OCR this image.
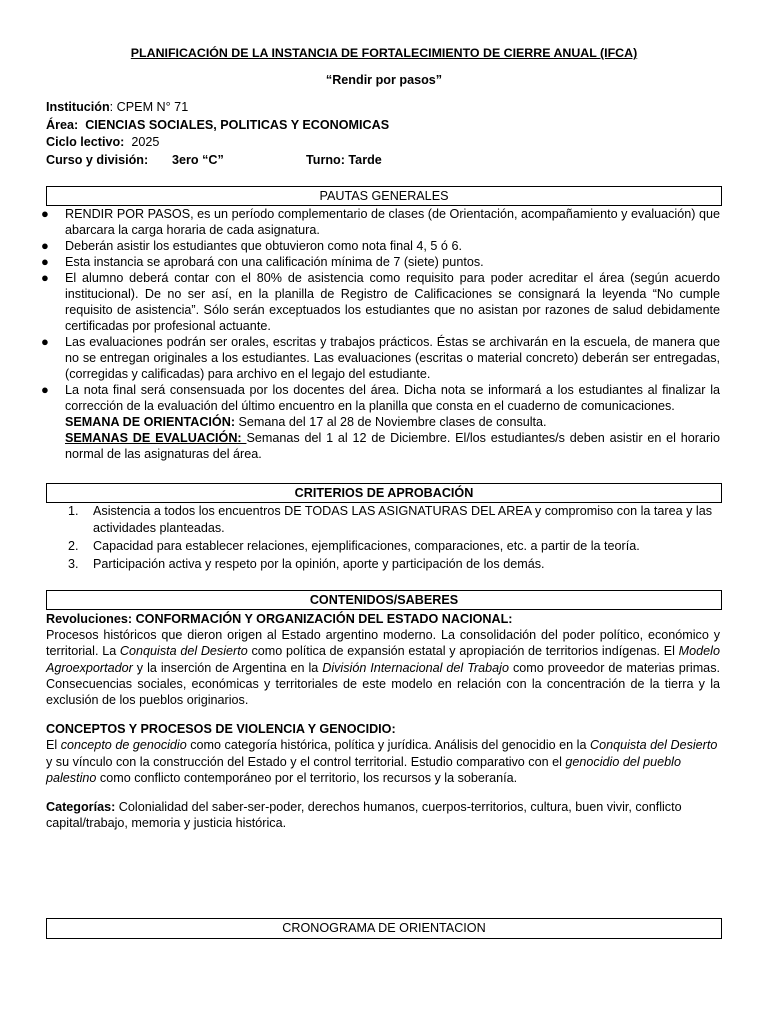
PLANIFICACIÓN DE LA INSTANCIA DE FORTALECIMIENTO DE CIERRE ANUAL (IFCA)
“Rendir por pasos”
Institución: CPEM N° 71
Área: CIENCIAS SOCIALES, POLITICAS Y ECONOMICAS
Ciclo lectivo: 2025
Curso y división: 3ero “C”	Turno: Tarde
PAUTAS GENERALES
● RENDIR POR PASOS, es un período complementario de clases (de Orientación, acompañamiento y evaluación) que abarcara la carga horaria de cada asignatura.
● Deberán asistir los estudiantes que obtuvieron como nota final 4, 5 ó 6.
● Esta instancia se aprobará con una calificación mínima de 7 (siete) puntos.
● El alumno deberá contar con el 80% de asistencia como requisito para poder acreditar el área (según acuerdo institucional). De no ser así, en la planilla de Registro de Calificaciones se consignará la leyenda “No cumple requisito de asistencia”. Sólo serán exceptuados los estudiantes que no asistan por razones de salud debidamente certificadas por profesional actuante.
● Las evaluaciones podrán ser orales, escritas y trabajos prácticos. Éstas se archivarán en la escuela, de manera que no se entregan originales a los estudiantes. Las evaluaciones (escritas o material concreto) deberán ser entregadas, (corregidas y calificadas) para archivo en el legajo del estudiante.
● La nota final será consensuada por los docentes del área. Dicha nota se informará a los estudiantes al finalizar la corrección de la evaluación del último encuentro en la planilla que consta en el cuaderno de comunicaciones.
SEMANA DE ORIENTACIÓN: Semana del 17 al 28 de Noviembre clases de consulta.
SEMANAS DE EVALUACIÓN: Semanas del 1 al 12 de Diciembre. El/los estudiantes/s deben asistir en el horario normal de las asignaturas del área.
CRITERIOS DE APROBACIÓN
1. Asistencia a todos los encuentros DE TODAS LAS ASIGNATURAS DEL AREA y compromiso con la tarea y las actividades planteadas.
2. Capacidad para establecer relaciones, ejemplificaciones, comparaciones, etc. a partir de la teoría.
3. Participación activa y respeto por la opinión, aporte y participación de los demás.
CONTENIDOS/SABERES

Revoluciones: CONFORMACIÓN Y ORGANIZACIÓN DEL ESTADO NACIONAL:

Procesos históricos que dieron origen al Estado argentino moderno. La consolidación del poder político, económico y territorial. La Conquista del Desierto como política de expansión estatal y apropiación de territorios indígenas. El Modelo Agroexportador y la inserción de Argentina en la División Internacional del Trabajo como proveedor de materias primas. Consecuencias sociales, económicas y territoriales de este modelo en relación con la concentración de la tierra y la exclusión de los pueblos originarios.

CONCEPTOS Y PROCESOS DE VIOLENCIA Y GENOCIDIO:

El concepto de genocidio como categoría histórica, política y jurídica. Análisis del genocidio en la Conquista del Desierto y su vínculo con la construcción del Estado y el control territorial. Estudio comparativo con el genocidio del pueblo palestino como conflicto contemporáneo por el territorio, los recursos y la soberanía.

Categorías: Colonialidad del saber-ser-poder, derechos humanos, cuerpos-territorios, cultura, buen vivir, conflicto capital/trabajo, memoria y justicia histórica.

CRONOGRAMA DE ORIENTACION
